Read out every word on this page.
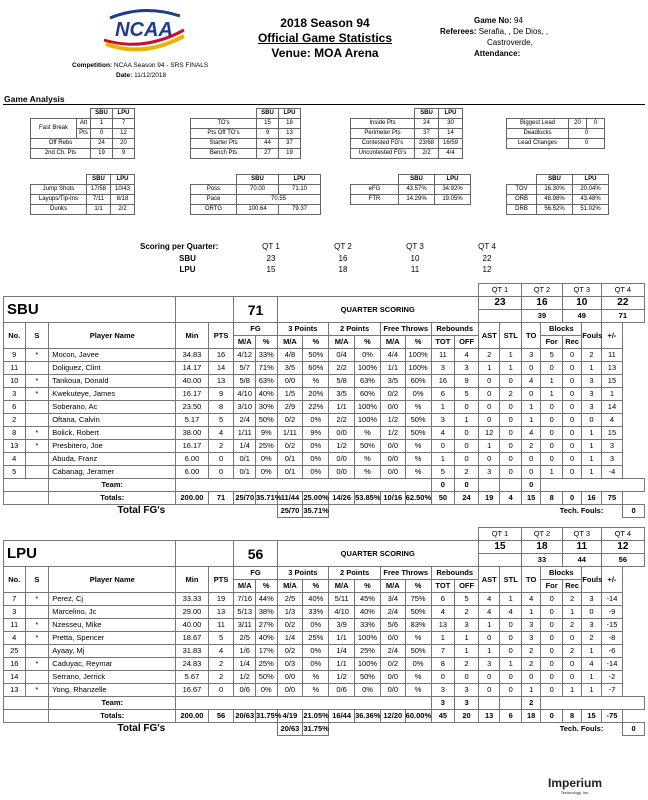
NCAA
Competition: NCAA Season 94 - SRS FINALS
Date: 11/12/2018
2018 Season 94
Official Game Statistics
Venue: MOA Arena
Game No: 94
Referees: Serafia, , De Dios, ,
Castroverde,
Attendance:
Game Analysis
		SBU	LPU
Fast Break	Att	1	7
	Pts	0	12
Off Rebs		24	20
2nd Ch. Pts		19	9
	SBU	LPU
TO's	15	18
Pts Off TO's	9	13
Starter Pts	44	37
Bench Pts	27	19
	SBU	LPU
Inside Pts	24	30
Perimeter Pts	37	14
Contested FG's	23/68	16/59
Uncontested FG's	2/2	4/4
Biggest Lead	20	0
Deadlocks	0	
Lead Changes	0	
	SBU	LPU
Jump Shots	17/58	10/43
Layups/Tip-Ins	7/11	8/18
Dunks	1/1	2/2
	SBU	LPU
Poss	70.00	71.10
Pace	70.55	
ORTG	100.64	79.37
	SBU	LPU
eFG	43.57%	34.92%
FTR	14.29%	19.05%
	SBU	LPU
TOV	16.30%	20.04%
ORB	48.98%	43.48%
DRB	56.52%	51.02%
Scoring per Quarter:	QT 1	QT 2	QT 3	QT 4
SBU	23	16	10	22
LPU	15	18	11	12
															QT 1		QT 2		QT 3		QT 4	
SBU					71		QUARTER SCORING								23		16		10		22	
																	39		49		71	
No.	S	Player Name	Min	PTS	FG		3 Points		2 Points		Free Throws		Rebounds		AST	STL	TO	Blocks		Fouls	+/-	
					M/A	%	M/A	%	M/A	%	M/A	%	TOT	OFF				For	Rec			
9	*	Mocon, Javee	34.83	16	4/12	33%	4/8	50%	0/4	0%	4/4	100%	11	4	2	1	3	5	0	2	11	
11		Doliguez, Clint	14.17	14	5/7	71%	3/5	60%	2/2	100%	1/1	100%	3	3	1	1	0	0	0	1	13	
10	*	Tankoua, Donald	40.00	13	5/8	63%	0/0	%	5/8	63%	3/5	60%	16	9	0	0	4	1	0	3	15	
3	*	Kwekuteye, James	16.17	9	4/10	40%	1/5	20%	3/5	60%	0/2	0%	6	5	0	2	0	1	0	3	1	
6		Soberano, Ac	23.50	8	3/10	30%	2/9	22%	1/1	100%	0/0	%	1	0	0	0	1	0	0	3	14	
2		Oftana, Calvin	5.17	5	2/4	50%	0/2	0%	2/2	100%	1/2	50%	3	1	0	0	1	0	0	0	4	
8	*	Bolick, Robert	38.00	4	1/11	9%	1/11	9%	0/0	%	1/2	50%	4	0	12	0	4	0	0	1	15	
13	*	Presbitero, Joe	16.17	2	1/4	25%	0/2	0%	1/2	50%	0/0	%	0	0	1	0	2	0	0	1	3	
4		Abuda, Franz	6.00	0	0/1	0%	0/1	0%	0/0	%	0/0	%	1	0	0	0	0	0	0	1	3	
5		Cabanag, Jeramer	6.00	0	0/1	0%	0/1	0%	0/0	%	0/0	%	5	2	3	0	0	1	0	1	-4	
		Team:											0	0			0					
		Totals:	200.00	71	25/70	35.71%	11/44	25.00%	14/26	53.85%	10/16	62.50%	50	24	19	4	15	8	0	16	75	
		Total FG's					25/70	35.71%										Tech. Fouls:				0
															QT 1		QT 2		QT 3		QT 4	
LPU					56		QUARTER SCORING								15		18		11		12	
																	33		44		56	
No.	S	Player Name	Min	PTS	FG		3 Points		2 Points		Free Throws		Rebounds		AST	STL	TO	Blocks		Fouls	+/-	
					M/A	%	M/A	%	M/A	%	M/A	%	TOT	OFF				For	Rec			
7	*	Perez, Cj	33.33	19	7/16	44%	2/5	40%	5/11	45%	3/4	75%	6	5	4	1	4	0	2	3	-14	
3		Marcelino, Jc	29.00	13	5/13	38%	1/3	33%	4/10	40%	2/4	50%	4	2	4	4	1	0	1	0	-9	
11	*	Nzesseu, Mike	40.00	11	3/11	27%	0/2	0%	3/9	33%	5/6	83%	13	3	1	0	3	0	2	3	-15	
4	*	Pretta, Spencer	18.67	5	2/5	40%	1/4	25%	1/1	100%	0/0	%	1	1	0	0	3	0	0	2	-8	
25		Ayaay, Mj	31.83	4	1/6	17%	0/2	0%	1/4	25%	2/4	50%	7	1	1	0	2	0	2	1	-6	
16	*	Caduyac, Reymar	24.83	2	1/4	25%	0/3	0%	1/1	100%	0/2	0%	8	2	3	1	2	0	0	4	-14	
14		Serrano, Jerrick	5.67	2	1/2	50%	0/0	%	1/2	50%	0/0	%	0	0	0	0	0	0	0	1	-2	
13	*	Yong, Rhanzelle	16.67	0	0/6	0%	0/0	%	0/6	0%	0/0	%	3	3	0	0	1	0	1	1	-7	
		Team:											3	3			2					
		Totals:	200.00	56	20/63	31.75%	4/19	21.05%	16/44	36.36%	12/20	60.00%	45	20	13	6	18	0	8	15	-75	
		Total FG's					20/63	31.75%										Tech. Fouls:				0
Imperium
Technology, Inc.
